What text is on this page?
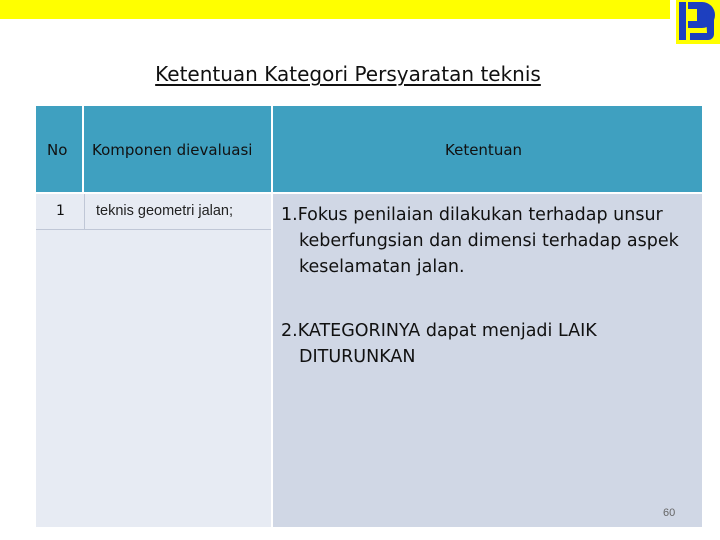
Ketentuan Kategori Persyaratan teknis
No Komponen dievaluasi	Ketentuan
1 teknis geometri jalan;	1.Fokus penilaian dilakukan terhadap unsur keberfungsian dan dimensi terhadap aspek keselamatan jalan.
2.KATEGORINYA dapat menjadi LAIK DITURUNKAN
60
